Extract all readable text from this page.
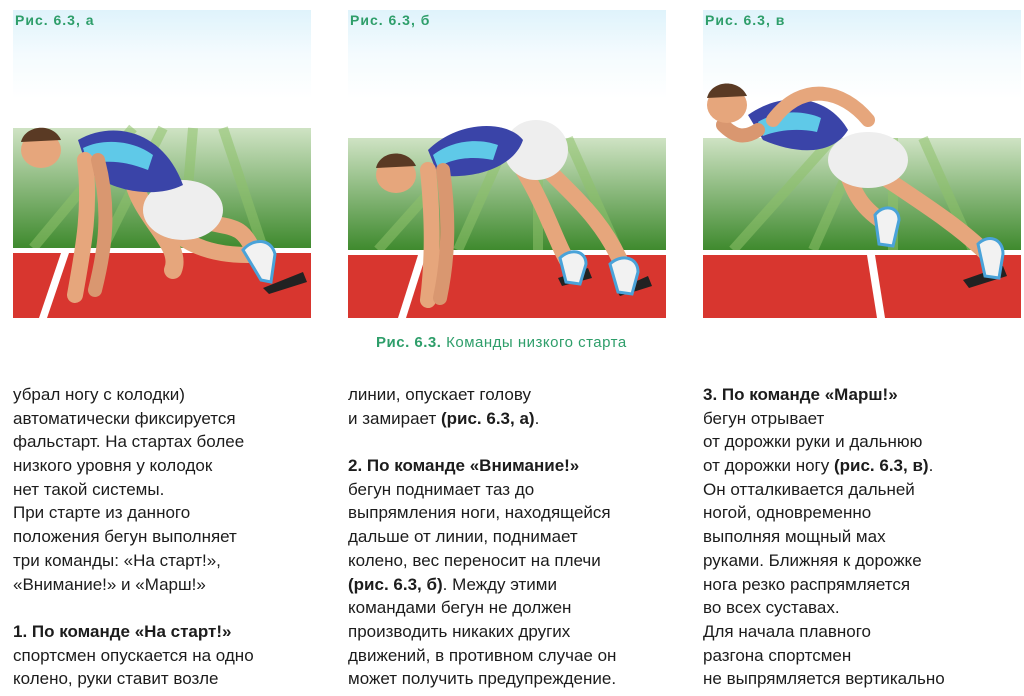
Рис. 6.3, а	Рис. 6.3, б	Рис. 6.3, в
Рис. 6.3. Команды низкого старта
убрал ногу с колодки)
автоматически фиксируется
фальстарт. На стартах более
низкого уровня у колодок
нет такой системы.
При старте из данного
положения бегун выполняет
три команды: «На старт!»,
«Внимание!» и «Марш!»
1. По команде «На старт!»
спортсмен опускается на одно
колено, руки ставит возле
линии, опускает голову
и замирает (рис. 6.3, а).
2. По команде «Внимание!»
бегун поднимает таз до
выпрямления ноги, находящейся
дальше от линии, поднимает
колено, вес переносит на плечи
(рис. 6.3, б). Между этими
командами бегун не должен
производить никаких других
движений, в противном случае он
может получить предупреждение.
3. По команде «Марш!»
бегун отрывает
от дорожки руки и дальнюю
от дорожки ногу (рис. 6.3, в).
Он отталкивается дальней
ногой, одновременно
выполняя мощный мах
руками. Ближняя к дорожке
нога резко распрямляется
во всех суставах.
Для начала плавного
разгона спортсмен
не выпрямляется вертикально
